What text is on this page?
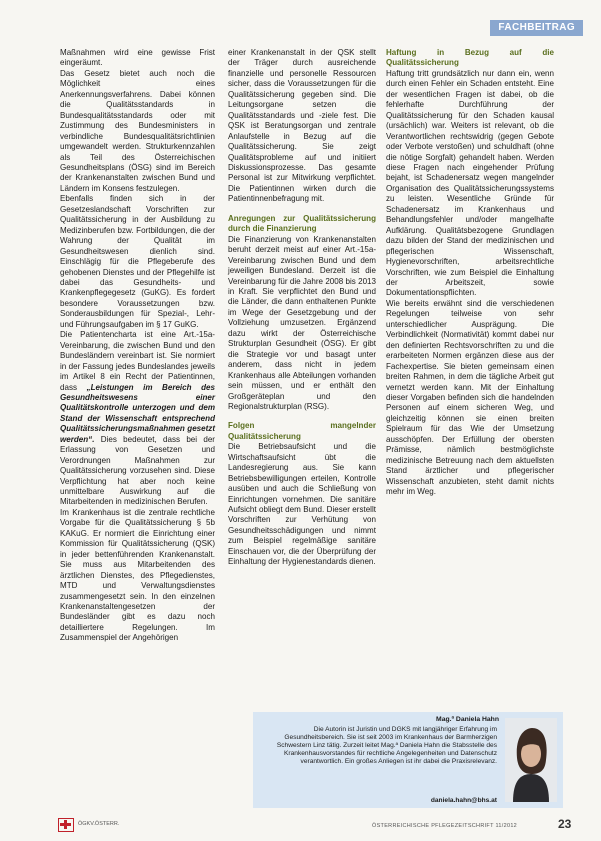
FACHBEITRAG

Maßnahmen wird eine gewisse Frist eingeräumt.

Das Gesetz bietet auch noch die Möglichkeit eines Anerkennungsverfahrens. Dabei können die Qualitätsstandards in Bundesqualitätsstandards oder mit Zustimmung des Bundesministers in verbindliche Bundesqualitätsrichtlinien umgewandelt werden. Strukturkennzahlen als Teil des Österreichischen Gesundheitsplans (ÖSG) sind im Bereich der Krankenanstalten zwischen Bund und Ländern im Konsens festzulegen.

Ebenfalls finden sich in der Gesetzeslandschaft Vorschriften zur Qualitätssicherung in der Ausbildung zu Medizinberufen bzw. Fortbildungen, die der Wahrung der Qualität im Gesundheitswesen dienlich sind. Einschlägig für die Pflegeberufe des gehobenen Dienstes und der Pflegehilfe ist dabei das Gesundheits- und Krankenpflegegesetz (GuKG). Es fordert besondere Voraussetzungen bzw. Sonderausbildungen für Spezial-, Lehr- und Führungsaufgaben im § 17 GuKG.

Die Patientencharta ist eine Art.-15a-Vereinbarung, die zwischen Bund und den Bundesländern vereinbart ist. Sie normiert in der Fassung jedes Bundeslandes jeweils im Artikel 8 ein Recht der Patientinnen, dass „Leistungen im Bereich des Gesundheitswesens einer Qualitätskontrolle unterzogen und dem Stand der Wissenschaft entsprechend Qualitätssicherungsmaßnahmen gesetzt werden“. Dies bedeutet, dass bei der Erlassung von Gesetzen und Verordnungen Maßnahmen zur Qualitätssicherung vorzusehen sind. Diese Verpflichtung hat aber noch keine unmittelbare Auswirkung auf die Mitarbeitenden in medizinischen Berufen.

Im Krankenhaus ist die zentrale rechtliche Vorgabe für die Qualitätssicherung § 5b KAKuG. Er normiert die Einrichtung einer Kommission für Qualitätssicherung (QSK) in jeder bettenführenden Krankenanstalt. Sie muss aus Mitarbeitenden des ärztlichen Dienstes, des Pflegedienstes, MTD und Verwaltungsdienstes zusammengesetzt sein. In den einzelnen Krankenanstaltengesetzen der Bundesländer gibt es dazu noch detailliertere Regelungen. Im Zusammenspiel der Angehörigen

einer Krankenanstalt in der QSK stellt der Träger durch ausreichende finanzielle und personelle Ressourcen sicher, dass die Voraussetzungen für die Qualitätssicherung gegeben sind. Die Leitungsorgane setzen die Qualitätsstandards und -ziele fest. Die QSK ist Beratungsorgan und zentrale Anlaufstelle in Bezug auf die Qualitätssicherung. Sie zeigt Qualitätsprobleme auf und initiiert Diskussionsprozesse. Das gesamte Personal ist zur Mitwirkung verpflichtet. Die Patientinnen wirken durch die Patientinnenbefragung mit.

Anregungen zur Qualitätssicherung durch die Finanzierung

Die Finanzierung von Krankenanstalten beruht derzeit meist auf einer Art.-15a-Vereinbarung zwischen Bund und dem jeweiligen Bundesland. Derzeit ist die Vereinbarung für die Jahre 2008 bis 2013 in Kraft. Sie verpflichtet den Bund und die Länder, die dann enthaltenen Punkte im Wege der Gesetzgebung und der Vollziehung umzusetzen. Ergänzend dazu wirkt der Österreichische Strukturplan Gesundheit (ÖSG). Er gibt die Strategie vor und basagt unter anderem, dass nicht in jedem Krankenhaus alle Abteilungen vorhanden sein müssen, und er enthält den Großgeräteplan und den Regionalstrukturplan (RSG).

Folgen mangelnder Qualitätssicherung

Die Betriebsaufsicht und die Wirtschaftsaufsicht übt die Landesregierung aus. Sie kann Betriebsbewilligungen erteilen, Kontrolle ausüben und auch die Schließung von Einrichtungen vornehmen. Die sanitäre Aufsicht obliegt dem Bund. Dieser erstellt Vorschriften zur Verhütung von Gesundheitsschädigungen und nimmt zum Beispiel regelmäßige sanitäre Einschauen vor, die der Überprüfung der Einhaltung der Hygienestandards dienen.

Haftung in Bezug auf die Qualitätssicherung

Haftung tritt grundsätzlich nur dann ein, wenn durch einen Fehler ein Schaden entsteht. Eine der wesentlichen Fragen ist dabei, ob die fehlerhafte Durchführung der Qualitätssicherung für den Schaden kausal (ursächlich) war. Weiters ist relevant, ob die Verantwortlichen rechtswidrig (gegen Gebote oder Verbote verstoßen) und schuldhaft (ohne die nötige Sorgfalt) gehandelt haben. Werden diese Fragen nach eingehender Prüfung bejaht, ist Schadenersatz wegen mangelnder Organisation des Qualitätssicherungssystems zu leisten. Wesentliche Gründe für Schadenersatz im Krankenhaus und Behandlungsfehler und/oder mangelhafte Aufklärung. Qualitätsbezogene Grundlagen dazu bilden der Stand der medizinischen und pflegerischen Wissenschaft, Hygienevorschriften, arbeitsrechtliche Vorschriften, wie zum Beispiel die Einhaltung der Arbeitszeit, sowie Dokumentationspflichten.

Wie bereits erwähnt sind die verschiedenen Regelungen teilweise von sehr unterschiedlicher Ausprägung. Die Verbindlichkeit (Normativität) kommt dabei nur den definierten Rechtsvorschriften zu und die erarbeiteten Normen ergänzen diese aus der Fachexpertise. Sie bieten gemeinsam einen breiten Rahmen, in dem die tägliche Arbeit gut vernetzt werden kann. Mit der Einhaltung dieser Vorgaben befinden sich die handelnden Personen auf einem sicheren Weg, und gleichzeitig können sie einen breiten Spielraum für das Wie der Umsetzung ausschöpfen. Der Erfüllung der obersten Prämisse, nämlich bestmöglichste medizinische Betreuung nach dem aktuellsten Stand ärztlicher und pflegerischer Wissenschaft anzubieten, steht damit nichts mehr im Weg.

Mag.ª Daniela Hahn
Die Autorin ist Juristin und DGKS mit langjähriger Erfahrung im Gesundheitsbereich. Sie ist seit 2003 im Krankenhaus der Barmherzigen Schwestern Linz tätig. Zurzeit leitet Mag.ª Daniela Hahn die Stabsstelle des Krankenhausvorstandes für rechtliche Angelegenheiten und Datenschutz verantwortlich. Ein großes Anliegen ist ihr dabei die Praxisrelevanz.
daniela.hahn@bhs.at
ÖGKV.ÖSTERR.	ÖSTERREICHISCHE PFLEGEZEITSCHRIFT 11/2012	23
